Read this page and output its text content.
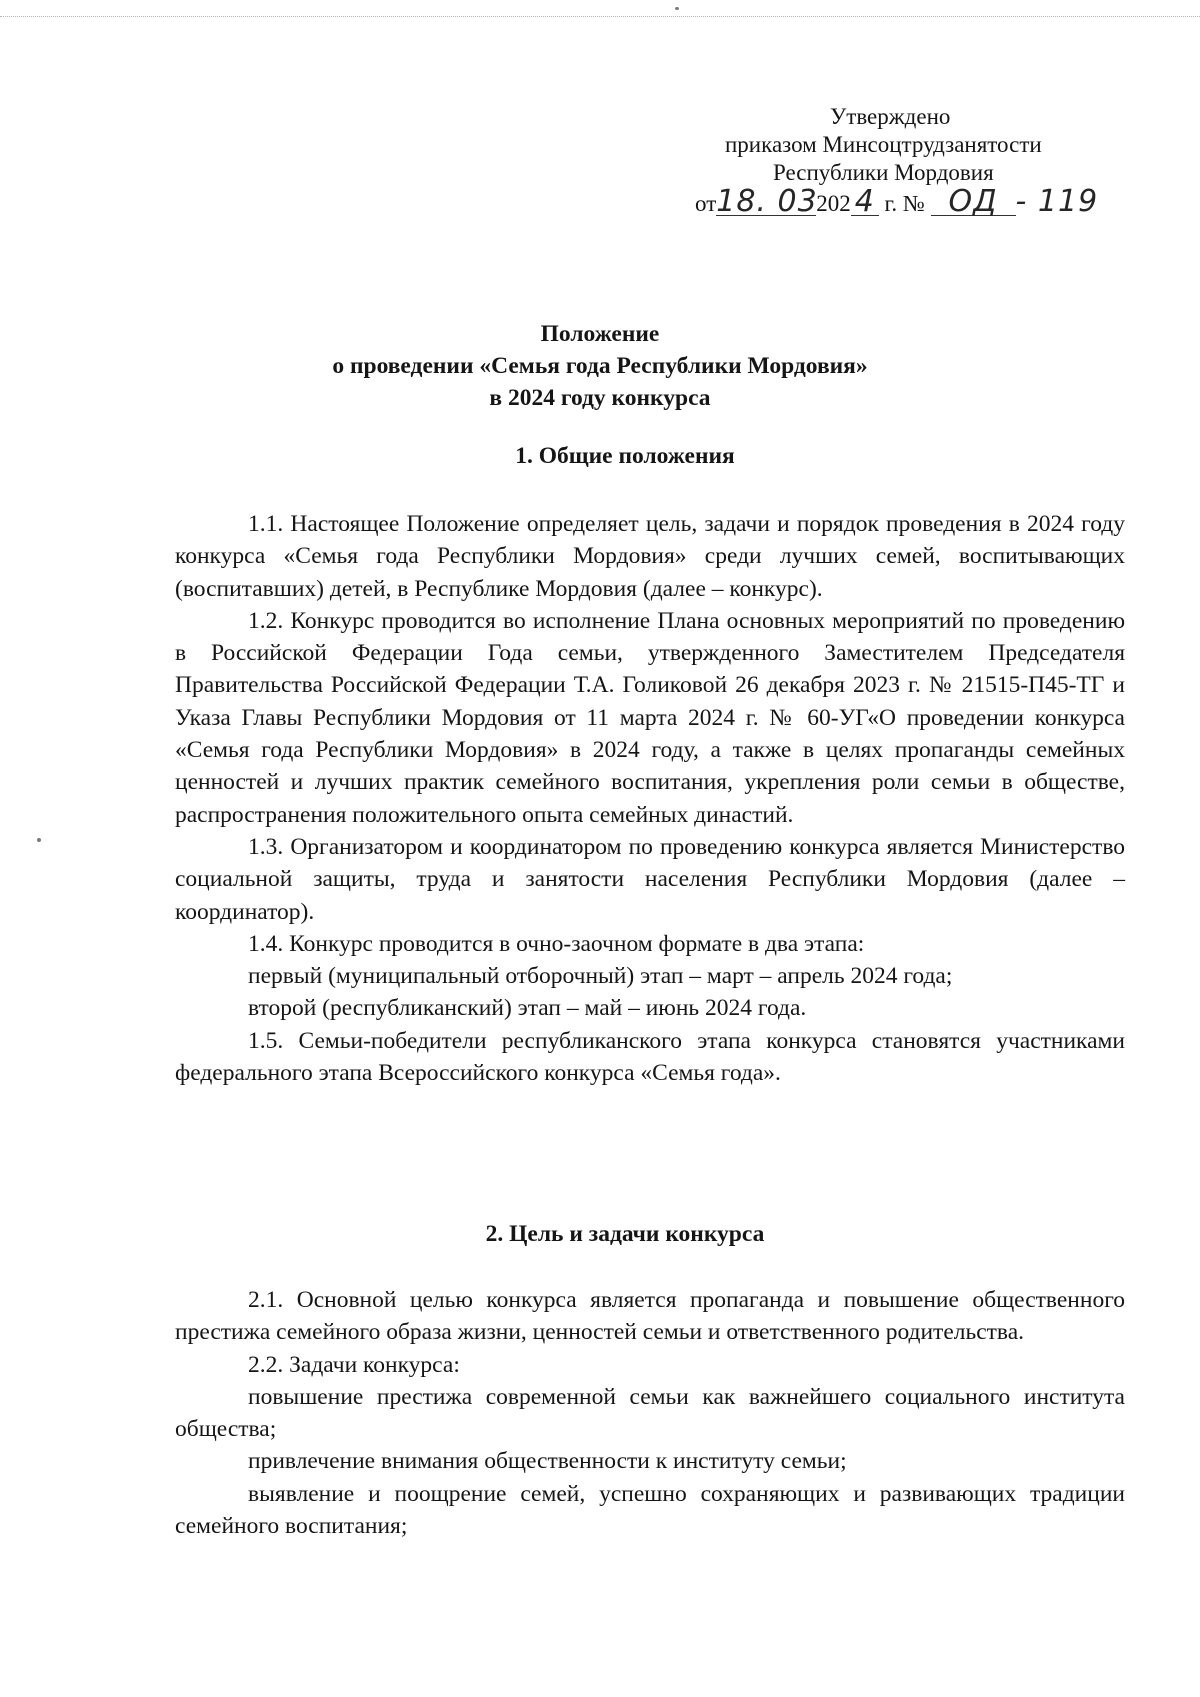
Утверждено
приказом Минсоцтрудзанятости
Республики Мордовия
от18. 03202 4 г. № ОД - 119
Положение
о проведении «Семья года Республики Мордовия»
в 2024 году конкурса
1. Общие положения

1.1. Настоящее Положение определяет цель, задачи и порядок проведения в 2024 году конкурса «Семья года Республики Мордовия» среди лучших семей, воспитывающих (воспитавших) детей, в Республике Мордовия (далее – конкурс).

1.2. Конкурс проводится во исполнение Плана основных мероприятий по проведению в Российской Федерации Года семьи, утвержденного Заместителем Председателя Правительства Российской Федерации Т.А. Голиковой 26 декабря 2023 г. № 21515-П45-ТГ и Указа Главы Республики Мордовия от 11 марта 2024 г. № 60-УГ«О проведении конкурса «Семья года Республики Мордовия» в 2024 году, а также в целях пропаганды семейных ценностей и лучших практик семейного воспитания, укрепления роли семьи в обществе, распространения положительного опыта семейных династий.

1.3. Организатором и координатором по проведению конкурса является Министерство социальной защиты, труда и занятости населения Республики Мордовия (далее – координатор).

1.4. Конкурс проводится в очно-заочном формате в два этапа:

первый (муниципальный отборочный) этап – март – апрель 2024 года;

второй (республиканский) этап – май – июнь 2024 года.

1.5. Семьи-победители республиканского этапа конкурса становятся участниками федерального этапа Всероссийского конкурса «Семья года».

2. Цель и задачи конкурса

2.1. Основной целью конкурса является пропаганда и повышение общественного престижа семейного образа жизни, ценностей семьи и ответственного родительства.

2.2. Задачи конкурса:

повышение престижа современной семьи как важнейшего социального института общества;

привлечение внимания общественности к институту семьи;

выявление и поощрение семей, успешно сохраняющих и развивающих традиции семейного воспитания;
